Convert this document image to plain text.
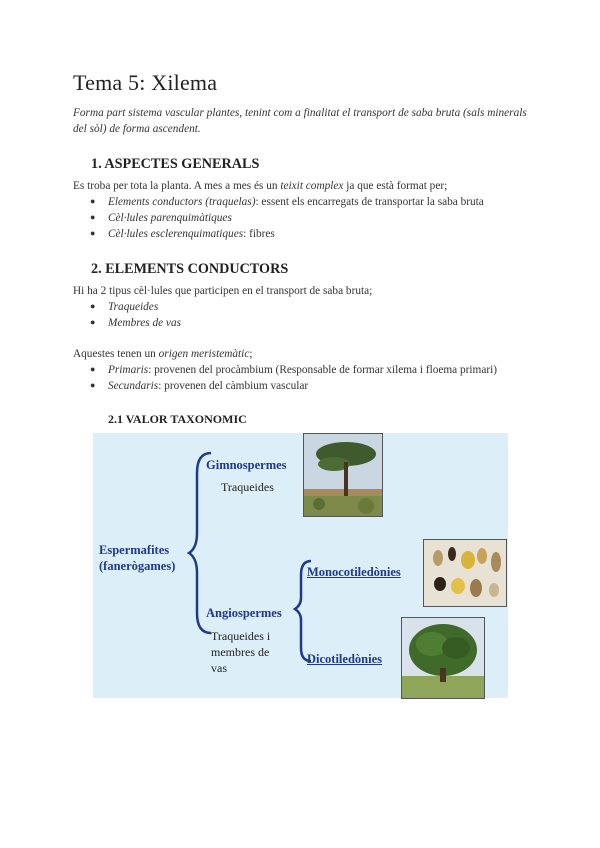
Tema 5: Xilema
Forma part sistema vascular plantes, tenint com a finalitat el transport de saba bruta (sals minerals del sòl) de forma ascendent.
1. ASPECTES GENERALS
Es troba per tota la planta. A mes a mes és un teixit complex ja que està format per;
● Elements conductors (traquelas): essent els encarregats de transportar la saba bruta
● Cèl·lules parenquimàtiques
● Cèl·lules esclerenquimatiques: fibres
2. ELEMENTS CONDUCTORS
Hi ha 2 tipus cèl·lules que participen en el transport de saba bruta;
● Traqueides
● Membres de vas
Aquestes tenen un origen meristemàtic;
● Primaris: provenen del procàmbium (Responsable de formar xilema i floema primari)
● Secundaris: provenen del càmbium vascular
2.1 VALOR TAXONOMIC
Espermafites
(fanerògames)
Gimnospermes
Traqueides
Angiospermes
Traqueides i
membres de
vas
Monocotiledònies
Dicotiledònies
